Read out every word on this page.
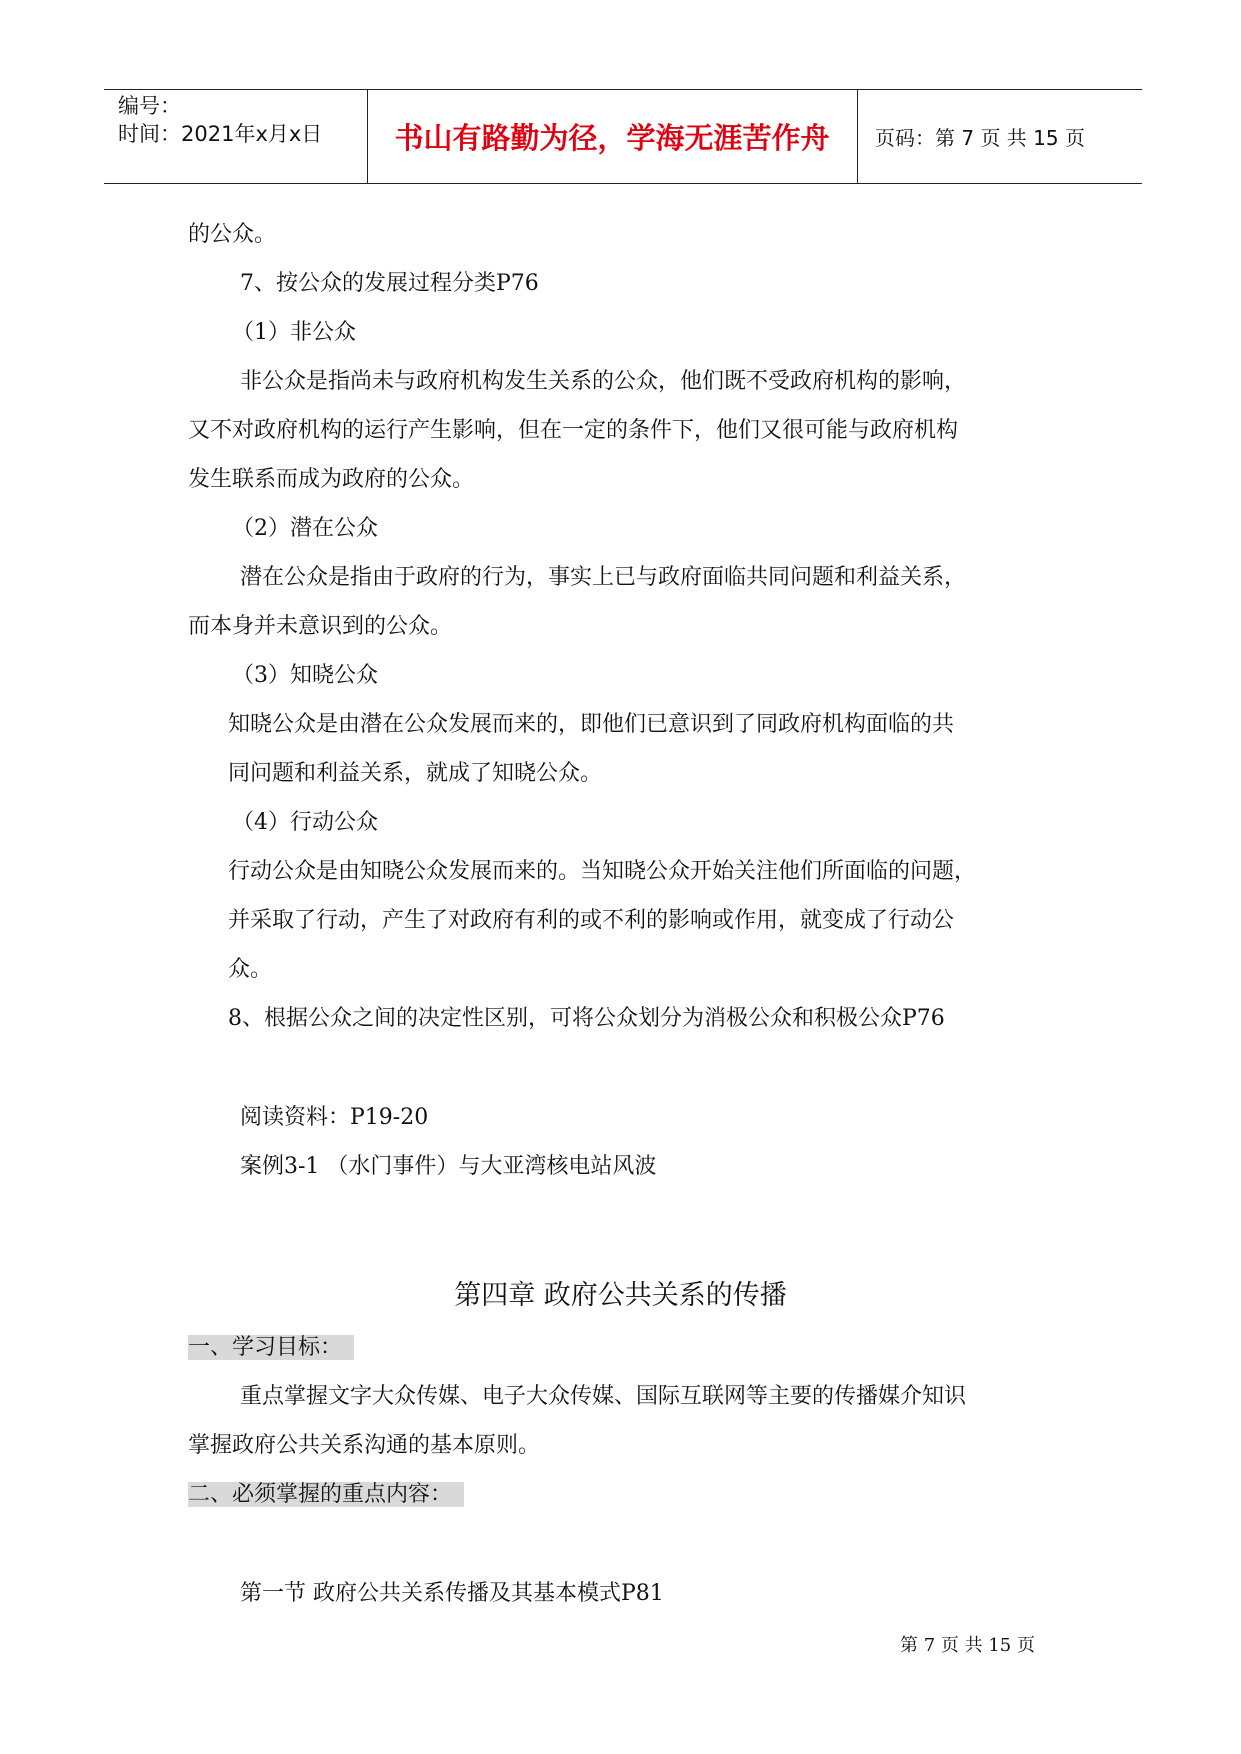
编号：
时间：2021年x月x日	书山有路勤为径，学海无涯苦作舟	页码：第 7 页 共 15 页
的公众。
7、按公众的发展过程分类P76
（1）非公众
非公众是指尚未与政府机构发生关系的公众，他们既不受政府机构的影响，
又不对政府机构的运行产生影响，但在一定的条件下，他们又很可能与政府机构
发生联系而成为政府的公众。
（2）潜在公众
潜在公众是指由于政府的行为，事实上已与政府面临共同问题和利益关系，
而本身并未意识到的公众。
（3）知晓公众
知晓公众是由潜在公众发展而来的，即他们已意识到了同政府机构面临的共
同问题和利益关系，就成了知晓公众。
（4）行动公众
行动公众是由知晓公众发展而来的。当知晓公众开始关注他们所面临的问题，
并采取了行动，产生了对政府有利的或不利的影响或作用，就变成了行动公
众。
8、根据公众之间的决定性区别，可将公众划分为消极公众和积极公众P76
阅读资料：P19-20
案例3-1 （水门事件）与大亚湾核电站风波
第四章 政府公共关系的传播
一、学习目标：
重点掌握文字大众传媒、电子大众传媒、国际互联网等主要的传播媒介知识
掌握政府公共关系沟通的基本原则。
二、必须掌握的重点内容：
第一节 政府公共关系传播及其基本模式P81
第 7 页 共 15 页
